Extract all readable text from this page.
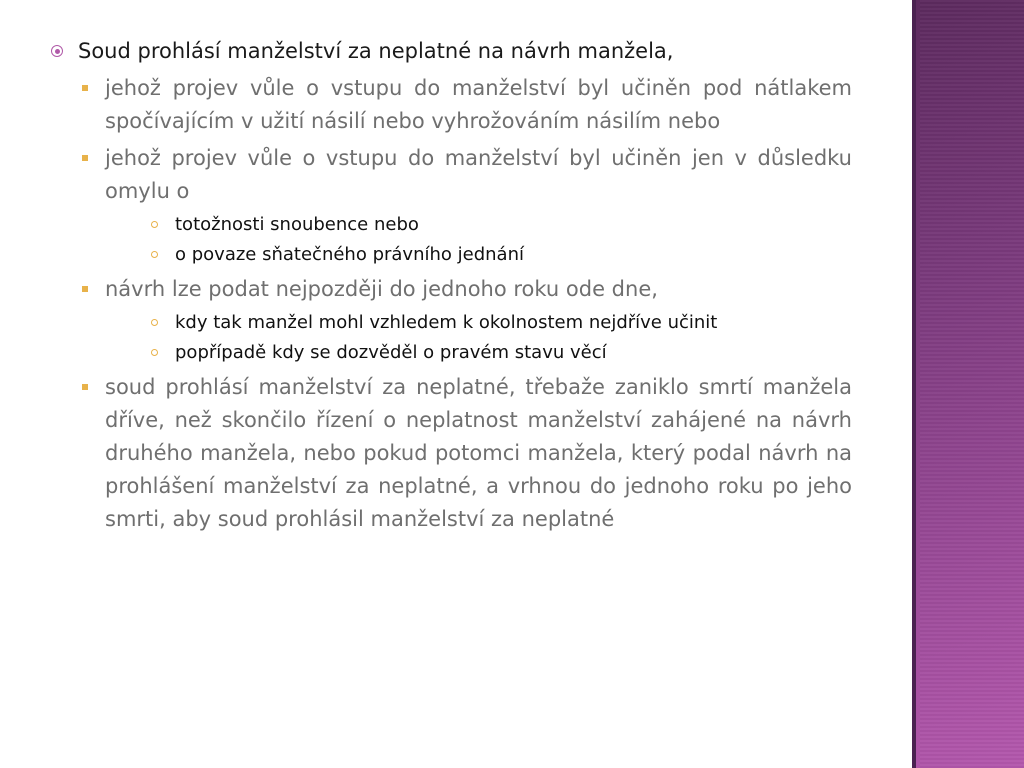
Soud prohlásí manželství za neplatné na návrh manžela,
jehož projev vůle o vstupu do manželství byl učiněn pod nátlakem spočívajícím v užití násilí nebo vyhrožováním násilím nebo
jehož projev vůle o vstupu do manželství byl učiněn jen v důsledku omylu o
totožnosti snoubence nebo
o povaze sňatečného právního jednání
návrh lze podat nejpozději do jednoho roku ode dne,
kdy tak manžel mohl vzhledem k okolnostem nejdříve učinit
popřípadě kdy se dozvěděl o pravém stavu věcí
soud prohlásí manželství za neplatné, třebaže zaniklo smrtí manžela dříve, než skončilo řízení o neplatnost manželství zahájené na návrh druhého manžela, nebo pokud potomci manžela, který podal návrh na prohlášení manželství za neplatné, a vrhnou do jednoho roku po jeho smrti, aby soud prohlásil manželství za neplatné
